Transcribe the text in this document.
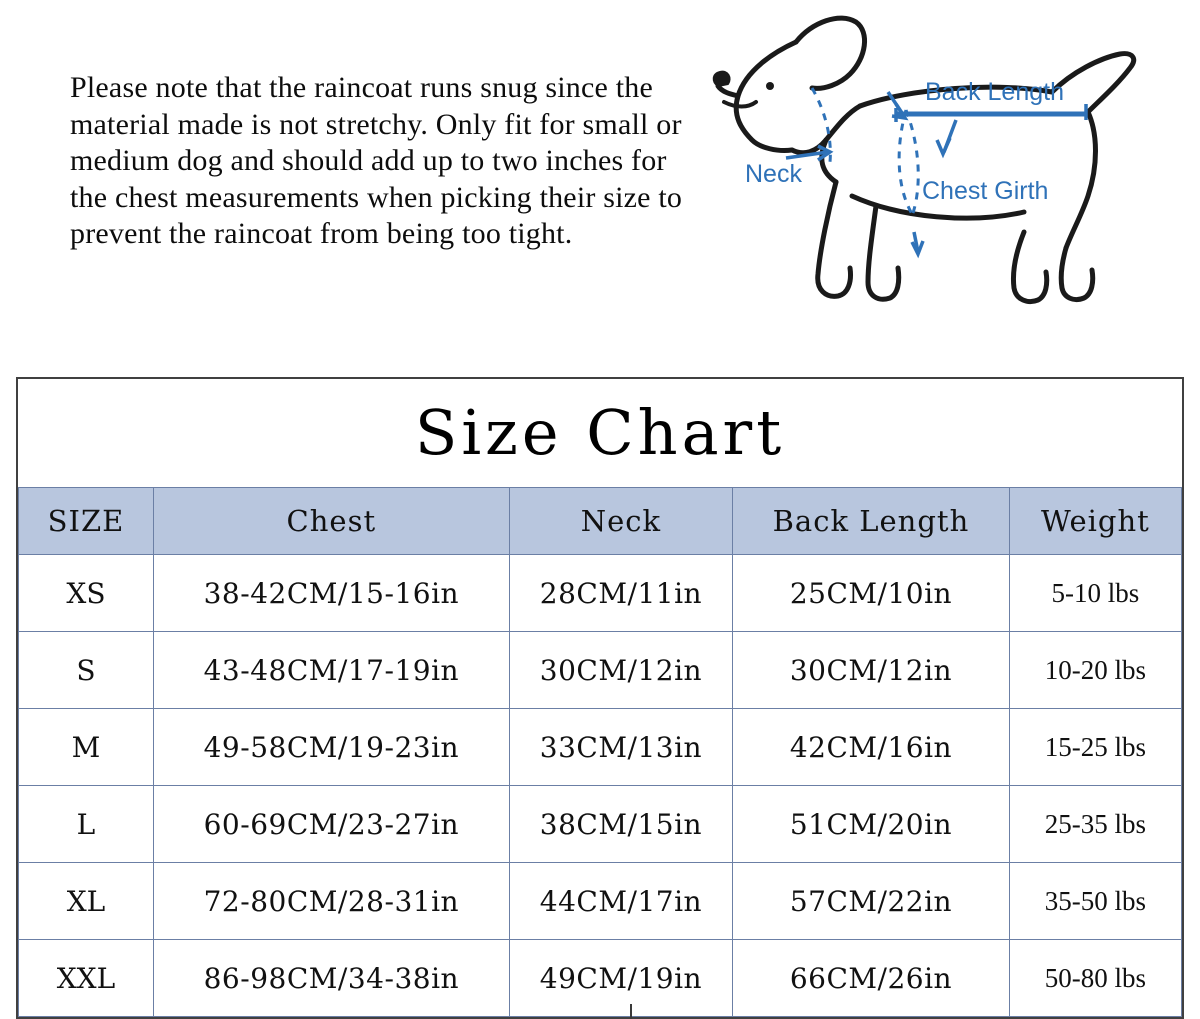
Please note that the raincoat runs snug since the material made is not stretchy. Only fit for small or medium dog and should add up to two inches for the chest measurements when picking their size to prevent the raincoat from being too tight.

Back Length
Neck
Chest Girth
Size Chart
SIZE	Chest	Neck	Back Length	Weight
XS	38-42CM/15-16in	28CM/11in	25CM/10in	5-10 lbs
S	43-48CM/17-19in	30CM/12in	30CM/12in	10-20 lbs
M	49-58CM/19-23in	33CM/13in	42CM/16in	15-25 lbs
L	60-69CM/23-27in	38CM/15in	51CM/20in	25-35 lbs
XL	72-80CM/28-31in	44CM/17in	57CM/22in	35-50 lbs
XXL	86-98CM/34-38in	49CM/19in	66CM/26in	50-80 lbs
